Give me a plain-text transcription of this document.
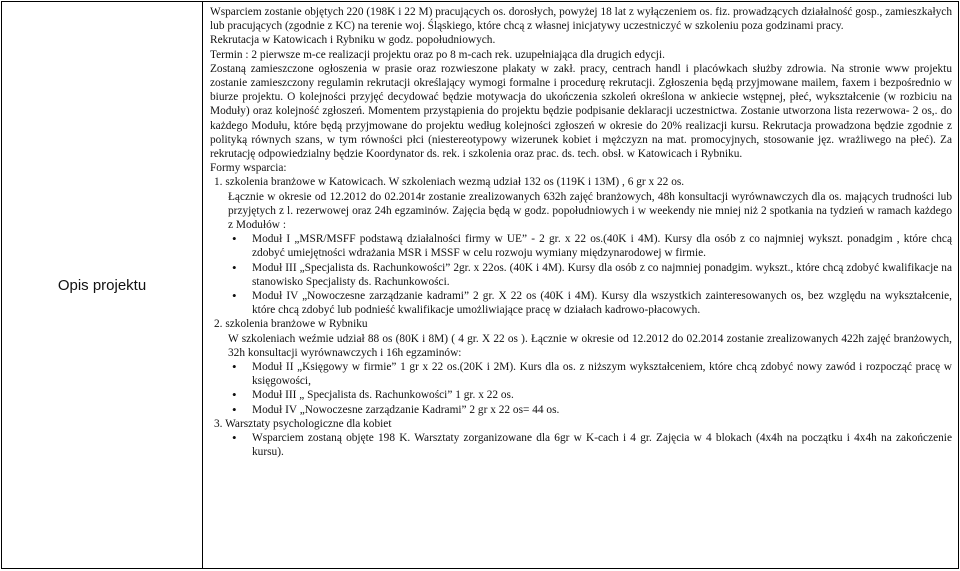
Opis projektu	

Wsparciem zostanie objętych 220 (198K i 22 M) pracujących os. dorosłych, powyżej 18 lat z wyłączeniem os. fiz. prowadzących działalność gosp., zamieszkałych lub pracujących (zgodnie z KC) na terenie woj. Śląskiego, które chcą z własnej inicjatywy uczestniczyć w szkoleniu poza godzinami pracy.

Rekrutacja w Katowicach i Rybniku w godz. popołudniowych.

Termin : 2 pierwsze m-ce realizacji projektu oraz po 8 m-cach rek. uzupełniająca dla drugich edycji.

Zostaną zamieszczone ogłoszenia w prasie oraz rozwieszone plakaty w zakł. pracy, centrach handl i placówkach służby zdrowia. Na stronie www projektu zostanie zamieszczony regulamin rekrutacji określający wymogi formalne i procedurę rekrutacji. Zgłoszenia będą przyjmowane mailem, faxem i bezpośrednio w biurze projektu. O kolejności przyjęć decydować będzie motywacja do ukończenia szkoleń określona w ankiecie wstępnej, płeć, wykształcenie (w rozbiciu na Moduły) oraz kolejność zgłoszeń. Momentem przystąpienia do projektu będzie podpisanie deklaracji uczestnictwa. Zostanie utworzona lista rezerwowa- 2 os,. do każdego Modułu, które będą przyjmowane do projektu według kolejności zgłoszeń w okresie do 20% realizacji kursu. Rekrutacja prowadzona będzie zgodnie z polityką równych szans, w tym równości płci (niestereotypowy wizerunek kobiet i mężczyzn na mat. promocyjnych, stosowanie jęz. wrażliwego na płeć). Za rekrutację odpowiedzialny będzie Koordynator ds. rek. i szkolenia oraz prac. ds. tech. obsł. w Katowicach i Rybniku.

Formy wsparcia:

1. szkolenia branżowe w Katowicach. W szkoleniach wezmą udział 132 os (119K i 13M) , 6 gr x 22 os.
Łącznie w okresie od 12.2012 do 02.2014r zostanie zrealizowanych 632h zajęć branżowych, 48h konsultacji wyrównawczych dla os. mających trudności lub przyjętych z l. rezerwowej oraz 24h egzaminów. Zajęcia będą w godz. popołudniowych i w weekendy nie mniej niż 2 spotkania na tydzień w ramach każdego z Modułów :
• Moduł I „MSR/MSFF podstawą działalności firmy w UE” - 2 gr. x 22 os.(40K i 4M). Kursy dla osób z co najmniej wykszt. ponadgim , które chcą zdobyć umiejętności wdrażania MSR i MSSF w celu rozwoju wymiany międzynarodowej w firmie.
• Moduł III „Specjalista ds. Rachunkowości” 2gr. x 22os. (40K i 4M). Kursy dla osób z co najmniej ponadgim. wykszt., które chcą zdobyć kwalifikacje na stanowisko Specjalisty ds. Rachunkowości.
• Moduł IV „Nowoczesne zarządzanie kadrami” 2 gr. X 22 os (40K i 4M). Kursy dla wszystkich zainteresowanych os, bez względu na wykształcenie, które chcą zdobyć lub podnieść kwalifikacje umożliwiające pracę w działach kadrowo-płacowych.
2. szkolenia branżowe w Rybniku
W szkoleniach weźmie udział 88 os (80K i 8M) ( 4 gr. X 22 os ). Łącznie w okresie od 12.2012 do 02.2014 zostanie zrealizowanych 422h zajęć branżowych, 32h konsultacji wyrównawczych i 16h egzaminów:
• Moduł II „Księgowy w firmie” 1 gr x 22 os.(20K i 2M). Kurs dla os. z niższym wykształceniem, które chcą zdobyć nowy zawód i rozpocząć pracę w księgowości,
• Moduł III „ Specjalista ds. Rachunkowości” 1 gr. x 22 os.
• Moduł IV „Nowoczesne zarządzanie Kadrami” 2 gr x 22 os= 44 os.
3. Warsztaty psychologiczne dla kobiet
• Wsparciem zostaną objęte 198 K. Warsztaty zorganizowane dla 6gr w K-cach i 4 gr. Zajęcia w 4 blokach (4x4h na początku i 4x4h na zakończenie kursu).
